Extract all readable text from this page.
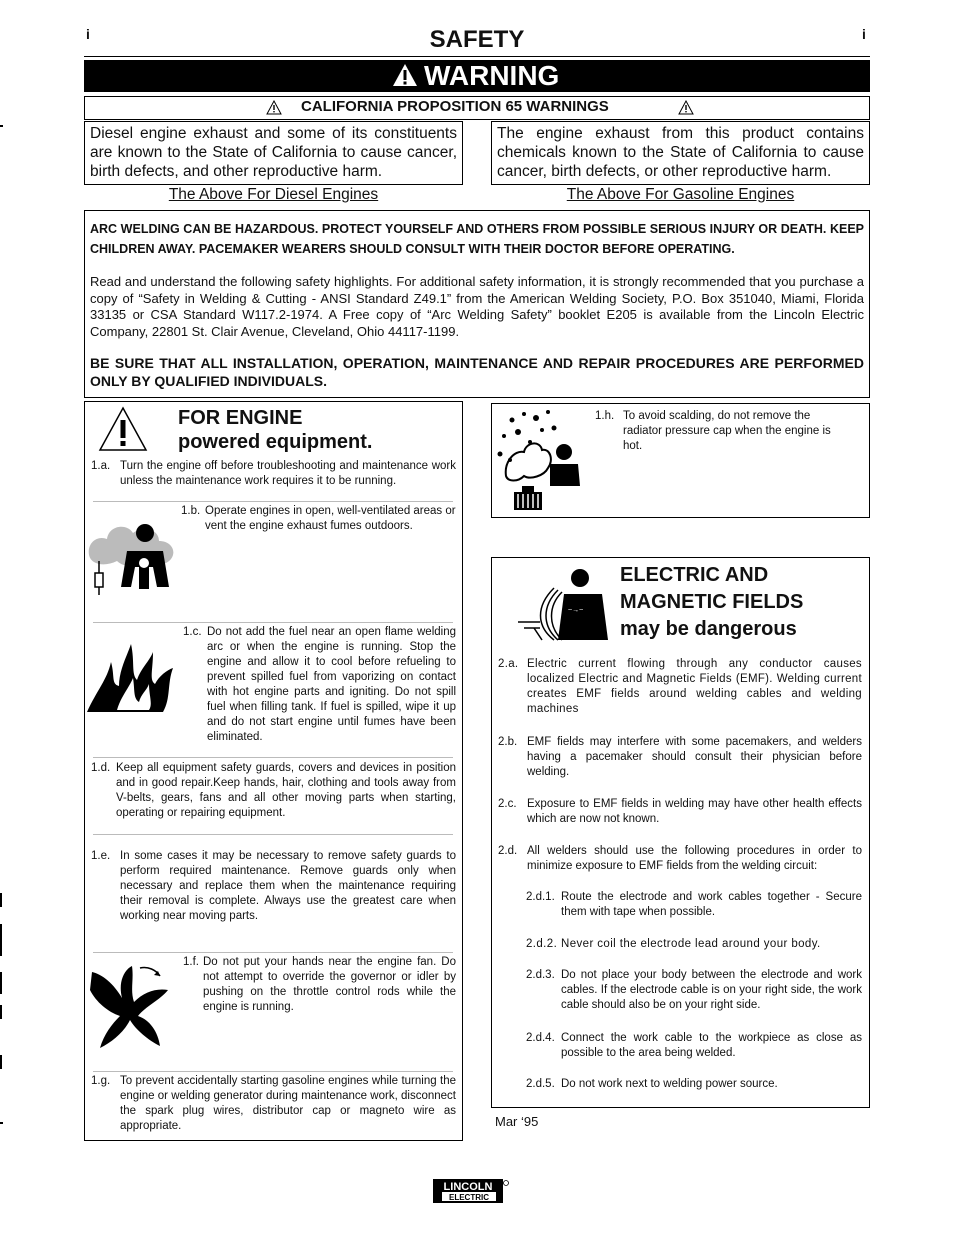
i	i
SAFETY
WARNING
CALIFORNIA PROPOSITION 65 WARNINGS
Diesel engine exhaust and some of its constituents are known to the State of California to cause cancer, birth defects, and other reproductive harm.
The engine exhaust from this product contains chemicals known to the State of California to cause cancer, birth defects, or other reproductive harm.
The Above For Diesel Engines	The Above For Gasoline Engines

ARC WELDING CAN BE HAZARDOUS. PROTECT YOURSELF AND OTHERS FROM POSSIBLE SERIOUS INJURY OR DEATH. KEEP CHILDREN AWAY. PACEMAKER WEARERS SHOULD CONSULT WITH THEIR DOCTOR BEFORE OPERATING.

Read and understand the following safety highlights. For additional safety information, it is strongly recommended that you purchase a copy of “Safety in Welding & Cutting - ANSI Standard Z49.1” from the American Welding Society, P.O. Box 351040, Miami, Florida 33135 or CSA Standard W117.2-1974. A Free copy of “Arc Welding Safety” booklet E205 is available from the Lincoln Electric Company, 22801 St. Clair Avenue, Cleveland, Ohio 44117-1199.

BE SURE THAT ALL INSTALLATION, OPERATION, MAINTENANCE AND REPAIR PROCEDURES ARE PERFORMED ONLY BY QUALIFIED INDIVIDUALS.

FOR ENGINE
powered equipment.
1.a. Turn the engine off before troubleshooting and maintenance work unless the maintenance work requires it to be running.
1.b. Operate engines in open, well-ventilated areas or vent the engine exhaust fumes outdoors.
1.c. Do not add the fuel near an open flame welding arc or when the engine is running. Stop the engine and allow it to cool before refueling to prevent spilled fuel from vaporizing on contact with hot engine parts and igniting. Do not spill fuel when filling tank. If fuel is spilled, wipe it up and do not start engine until fumes have been eliminated.
1.d. Keep all equipment safety guards, covers and devices in position and in good repair.Keep hands, hair, clothing and tools away from V-belts, gears, fans and all other moving parts when starting, operating or repairing equipment.
1.e. In some cases it may be necessary to remove safety guards to perform required maintenance. Remove guards only when necessary and replace them when the maintenance requiring their removal is complete. Always use the greatest care when working near moving parts.
1.f. Do not put your hands near the engine fan. Do not attempt to override the governor or idler by pushing on the throttle control rods while the engine is running.
1.g. To prevent accidentally starting gasoline engines while turning the engine or welding generator during maintenance work, disconnect the spark plug wires, distributor cap or magneto wire as appropriate.
1.h. To avoid scalding, do not remove the radiator pressure cap when the engine is hot.
~→~
ELECTRIC AND
MAGNETIC FIELDS
may be dangerous
2.a. Electric current flowing through any conductor causes localized Electric and Magnetic Fields (EMF). Welding current creates EMF fields around welding cables and welding machines
2.b. EMF fields may interfere with some pacemakers, and welders having a pacemaker should consult their physician before welding.
2.c. Exposure to EMF fields in welding may have other health effects which are now not known.
2.d. All welders should use the following procedures in order to minimize exposure to EMF fields from the welding circuit:
2.d.1. Route the electrode and work cables together - Secure them with tape when possible.
2.d.2. Never coil the electrode lead around your body.
2.d.3. Do not place your body between the electrode and work cables. If the electrode cable is on your right side, the work cable should also be on your right side.
2.d.4. Connect the work cable to the workpiece as close as possible to the area being welded.
2.d.5. Do not work next to welding power source.
Mar ‘95
LINCOLN
ELECTRIC
